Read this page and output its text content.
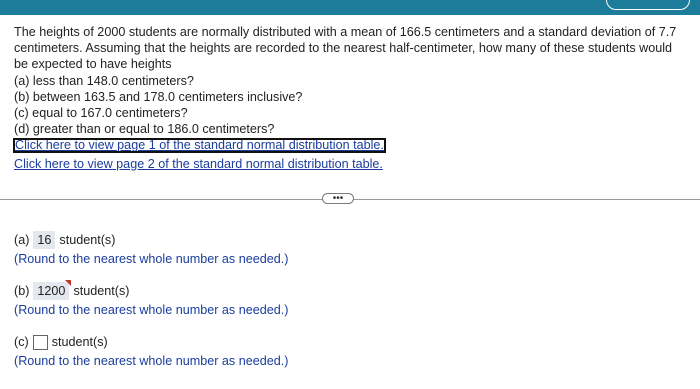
The heights of 2000 students are normally distributed with a mean of 166.5 centimeters and a standard deviation of 7.7 centimeters. Assuming that the heights are recorded to the nearest half-centimeter, how many of these students would be expected to have heights

(a) less than 148.0 centimeters?

(b) between 163.5 and 178.0 centimeters inclusive?

(c) equal to 167.0 centimeters?

(d) greater than or equal to 186.0 centimeters?

Click here to view page 1 of the standard normal distribution table.
Click here to view page 2 of the standard normal distribution table.
•••
(a) 16 student(s)
(Round to the nearest whole number as needed.)
(b) 1200 student(s)
(Round to the nearest whole number as needed.)
(c) student(s)
(Round to the nearest whole number as needed.)
